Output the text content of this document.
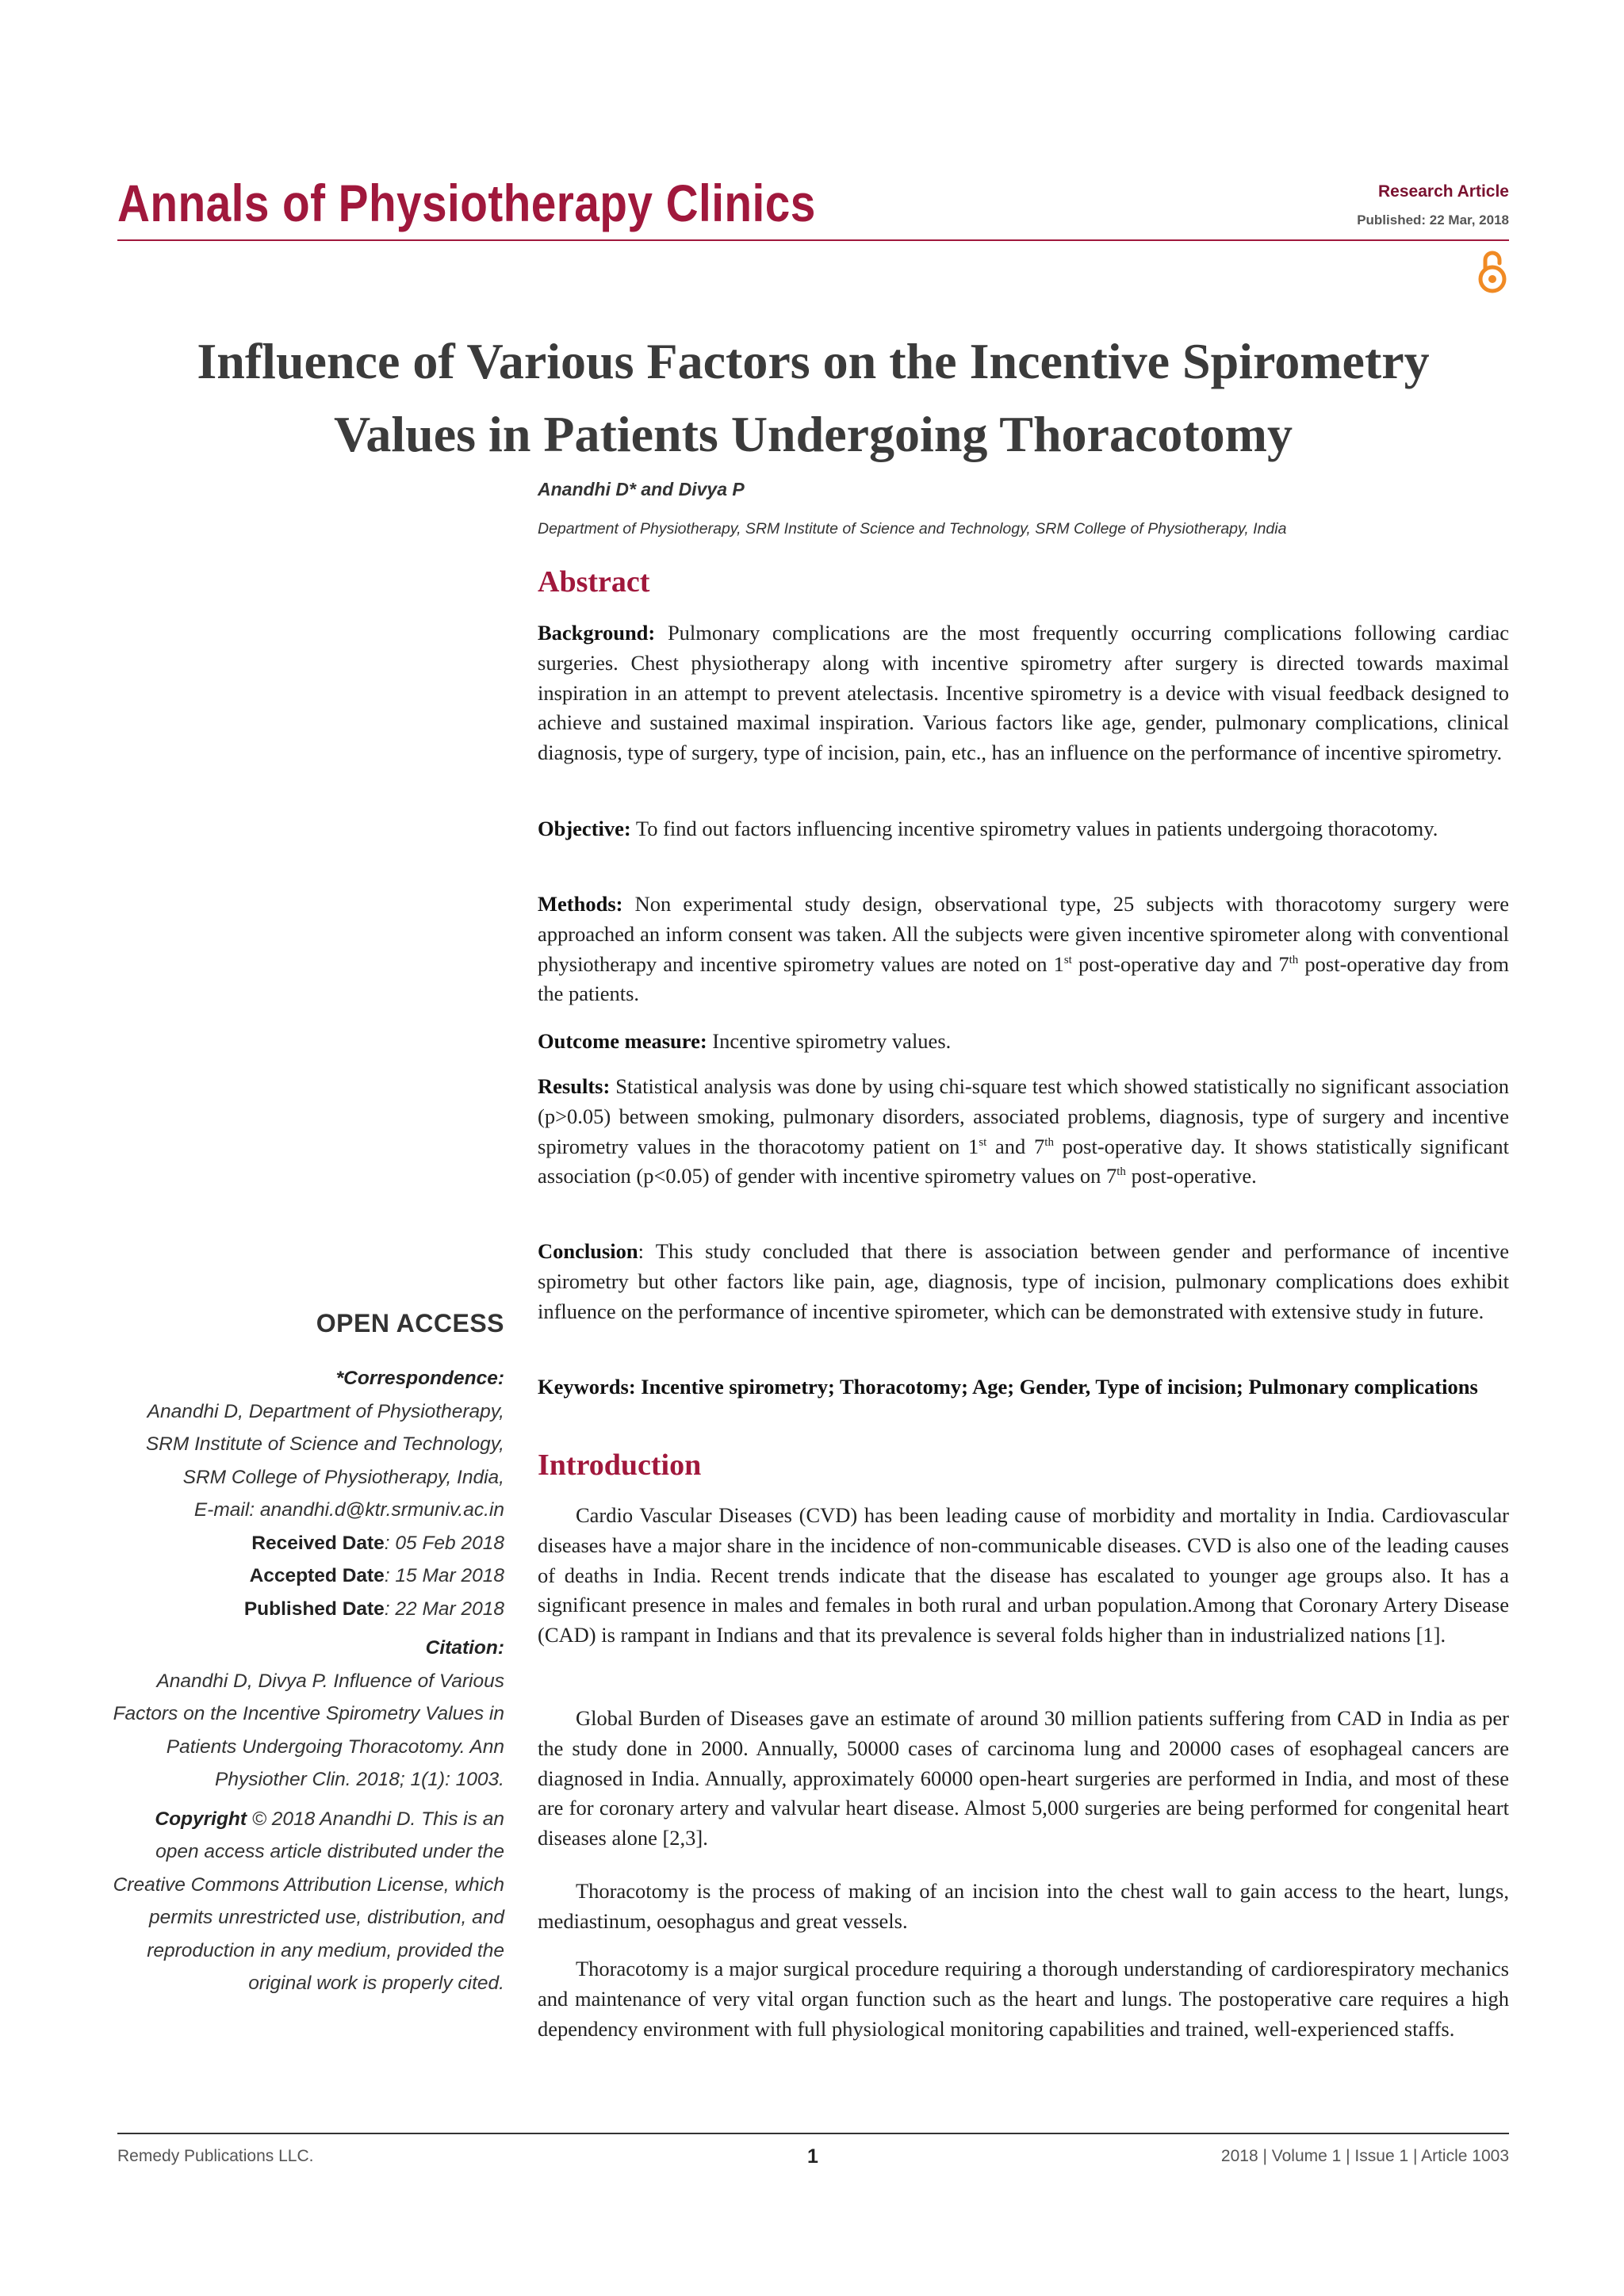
Annals of Physiotherapy Clinics	Research Article
Published: 22 Mar, 2018
Influence of Various Factors on the Incentive Spirometry
Values in Patients Undergoing Thoracotomy
Anandhi D* and Divya P
Department of Physiotherapy, SRM Institute of Science and Technology, SRM College of Physiotherapy, India
Abstract

Background: Pulmonary complications are the most frequently occurring complications following cardiac surgeries. Chest physiotherapy along with incentive spirometry after surgery is directed towards maximal inspiration in an attempt to prevent atelectasis. Incentive spirometry is a device with visual feedback designed to achieve and sustained maximal inspiration. Various factors like age, gender, pulmonary complications, clinical diagnosis, type of surgery, type of incision, pain, etc., has an influence on the performance of incentive spirometry.

Objective: To find out factors influencing incentive spirometry values in patients undergoing thoracotomy.

Methods: Non experimental study design, observational type, 25 subjects with thoracotomy surgery were approached an inform consent was taken. All the subjects were given incentive spirometer along with conventional physiotherapy and incentive spirometry values are noted on 1st post-operative day and 7th post-operative day from the patients.

Outcome measure: Incentive spirometry values.

Results: Statistical analysis was done by using chi-square test which showed statistically no significant association (p>0.05) between smoking, pulmonary disorders, associated problems, diagnosis, type of surgery and incentive spirometry values in the thoracotomy patient on 1st and 7th post-operative day. It shows statistically significant association (p<0.05) of gender with incentive spirometry values on 7th post-operative.

Conclusion: This study concluded that there is association between gender and performance of incentive spirometry but other factors like pain, age, diagnosis, type of incision, pulmonary complications does exhibit influence on the performance of incentive spirometer, which can be demonstrated with extensive study in future.

Keywords: Incentive spirometry; Thoracotomy; Age; Gender, Type of incision; Pulmonary complications

Introduction

Cardio Vascular Diseases (CVD) has been leading cause of morbidity and mortality in India. Cardiovascular diseases have a major share in the incidence of non-communicable diseases. CVD is also one of the leading causes of deaths in India. Recent trends indicate that the disease has escalated to younger age groups also. It has a significant presence in males and females in both rural and urban population.Among that Coronary Artery Disease (CAD) is rampant in Indians and that its prevalence is several folds higher than in industrialized nations [1].

Global Burden of Diseases gave an estimate of around 30 million patients suffering from CAD in India as per the study done in 2000. Annually, 50000 cases of carcinoma lung and 20000 cases of esophageal cancers are diagnosed in India. Annually, approximately 60000 open-heart surgeries are performed in India, and most of these are for coronary artery and valvular heart disease. Almost 5,000 surgeries are being performed for congenital heart diseases alone [2,3].

Thoracotomy is the process of making of an incision into the chest wall to gain access to the heart, lungs, mediastinum, oesophagus and great vessels.

Thoracotomy is a major surgical procedure requiring a thorough understanding of cardiorespiratory mechanics and maintenance of very vital organ function such as the heart and lungs. The postoperative care requires a high dependency environment with full physiological monitoring capabilities and trained, well-experienced staffs.

OPEN ACCESS
*Correspondence:
Anandhi D, Department of Physiotherapy, SRM Institute of Science and Technology, SRM College of Physiotherapy, India,
E-mail: anandhi.d@ktr.srmuniv.ac.in
Received Date: 05 Feb 2018
Accepted Date: 15 Mar 2018
Published Date: 22 Mar 2018
Citation:
Anandhi D, Divya P. Influence of Various Factors on the Incentive Spirometry Values in Patients Undergoing Thoracotomy. Ann Physiother Clin. 2018; 1(1): 1003.
Copyright © 2018 Anandhi D. This is an open access article distributed under the Creative Commons Attribution License, which permits unrestricted use, distribution, and reproduction in any medium, provided the original work is properly cited.
Remedy Publications LLC.	1	2018 | Volume 1 | Issue 1 | Article 1003
